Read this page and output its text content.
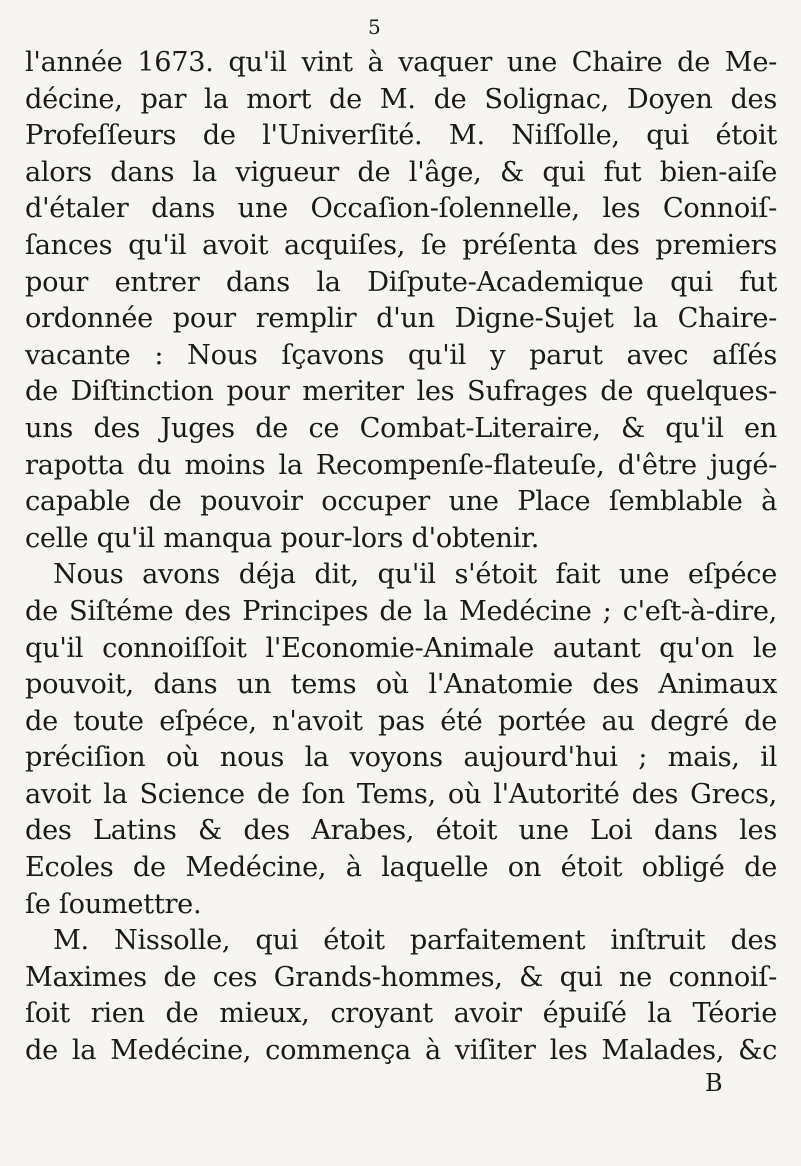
5
l'année 1673. qu'il vint à vaquer une Chaire de Me-
décine, par la mort de M. de Solignac, Doyen des
Profeſſeurs de l'Univerſité. M. Niſſolle, qui étoit
alors dans la vigueur de l'âge, & qui fut bien-aiſe
d'étaler dans une Occaſion-ſolennelle, les Connoiſ-
ſances qu'il avoit acquiſes, ſe préſenta des premiers
pour entrer dans la Diſpute-Academique qui fut
ordonnée pour remplir d'un Digne-Sujet la Chaire-
vacante : Nous ſçavons qu'il y parut avec aſſés
de Diſtinction pour meriter les Sufrages de quelques-
uns des Juges de ce Combat-Literaire, & qu'il en
rapotta du moins la Recompenſe-flateuſe, d'être jugé-
capable de pouvoir occuper une Place ſemblable à
celle qu'il manqua pour-lors d'obtenir.
Nous avons déja dit, qu'il s'étoit fait une eſpéce
de Siſtéme des Principes de la Medécine ; c'eſt-à-dire,
qu'il connoiſſoit l'Economie-Animale autant qu'on le
pouvoit, dans un tems où l'Anatomie des Animaux
de toute eſpéce, n'avoit pas été portée au degré de
préciſion où nous la voyons aujourd'hui ; mais, il
avoit la Science de ſon Tems, où l'Autorité des Grecs,
des Latins & des Arabes, étoit une Loi dans les
Ecoles de Medécine, à laquelle on étoit obligé de
ſe ſoumettre.
M. Nissolle, qui étoit parfaitement inſtruit des
Maximes de ces Grands-hommes, & qui ne connoiſ-
ſoit rien de mieux, croyant avoir épuiſé la Téorie
de la Medécine, commença à viſiter les Malades, &c
B
